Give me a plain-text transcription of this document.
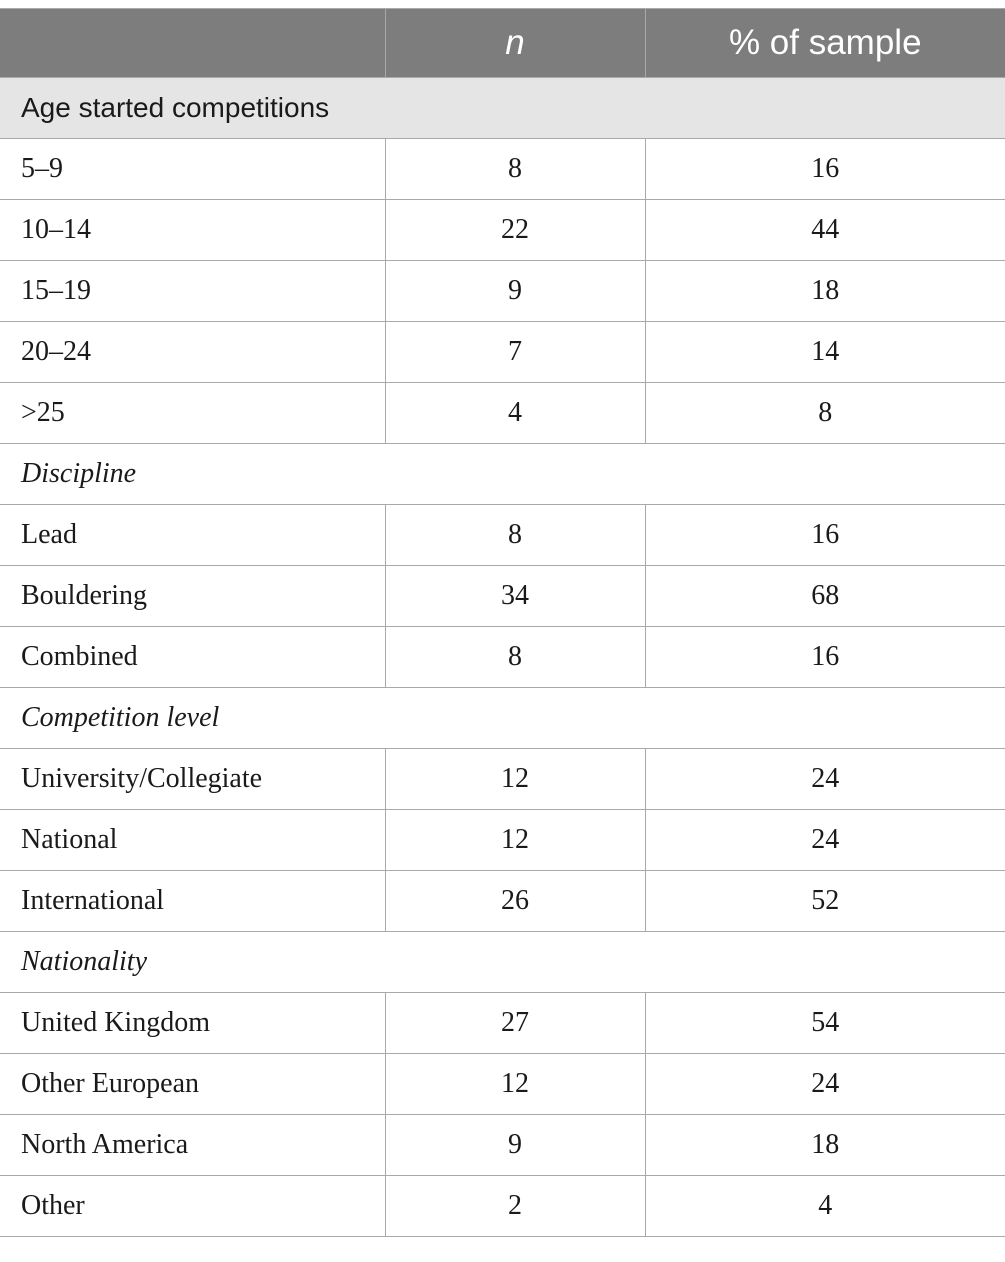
	n	% of sample
Age started competitions		
5–9	8	16
10–14	22	44
15–19	9	18
20–24	7	14
>25	4	8
Discipline		
Lead	8	16
Bouldering	34	68
Combined	8	16
Competition level		
University/Collegiate	12	24
National	12	24
International	26	52
Nationality		
United Kingdom	27	54
Other European	12	24
North America	9	18
Other	2	4
